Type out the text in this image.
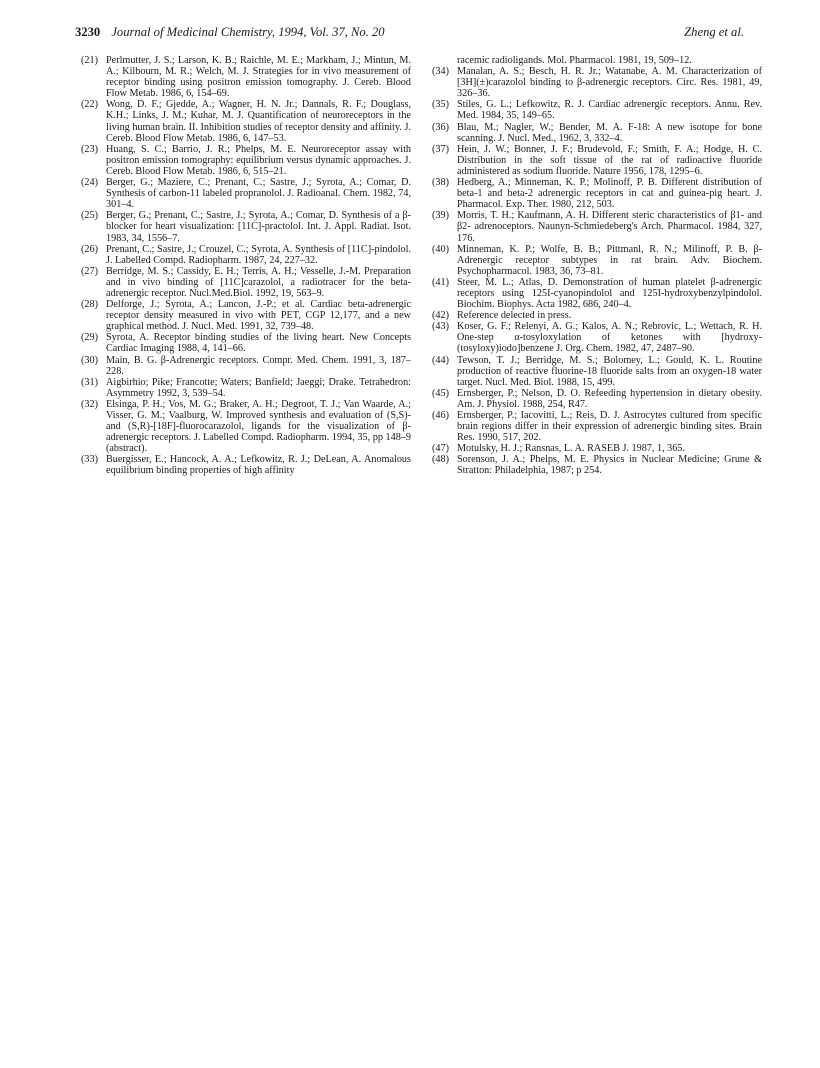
3230 Journal of Medicinal Chemistry, 1994, Vol. 37, No. 20	Zheng et al.

(21) Perlmutter, J. S.; Larson, K. B.; Raichle, M. E.; Markham, J.; Mintun, M. A.; Kilbourn, M. R.; Welch, M. J. Strategies for in vivo measurement of receptor binding using positron emission tomography. J. Cereb. Blood Flow Metab. 1986, 6, 154–69.

(22) Wong, D. F.; Gjedde, A.; Wagner, H. N. Jr.; Dannals, R. F.; Douglass, K.H.; Links, J. M.; Kuhar, M. J. Quantification of neuroreceptors in the living human brain. II. Inhibition studies of receptor density and affinity. J. Cereb. Blood Flow Metab. 1986, 6, 147–53.

(23) Huang, S. C.; Barrio, J. R.; Phelps, M. E. Neuroreceptor assay with positron emission tomography: equilibrium versus dynamic approaches. J. Cereb. Blood Flow Metab. 1986, 6, 515–21.

(24) Berger, G.; Maziere, C.; Prenant, C.; Sastre, J.; Syrota, A.; Comar, D. Synthesis of carbon-11 labeled propranolol. J. Radioanal. Chem. 1982, 74, 301–4.

(25) Berger, G.; Prenant, C.; Sastre, J.; Syrota, A.; Comar, D. Synthesis of a β-blocker for heart visualization: [11C]-practolol. Int. J. Appl. Radiat. Isot. 1983, 34, 1556–7.

(26) Prenant, C.; Sastre, J.; Crouzel, C.; Syrota, A. Synthesis of [11C]-pindolol. J. Labelled Compd. Radiopharm. 1987, 24, 227–32.

(27) Berridge, M. S.; Cassidy, E. H.; Terris, A. H.; Vesselle, J.-M. Preparation and in vivo binding of [11C]carazolol, a radiotracer for the beta-adrenergic receptor. Nucl.Med.Biol. 1992, 19, 563–9.

(28) Delforge, J.; Syrota, A.; Lancon, J.-P.; et al. Cardiac beta-adrenergic receptor density measured in vivo with PET, CGP 12,177, and a new graphical method. J. Nucl. Med. 1991, 32, 739–48.

(29) Syrota, A. Receptor binding studies of the living heart. New Concepts Cardiac Imaging 1988, 4, 141–66.

(30) Main, B. G. β-Adrenergic receptors. Compr. Med. Chem. 1991, 3, 187–228.

(31) Aigbirhio; Pike; Francotte; Waters; Banfield; Jaeggi; Drake. Tetrahedron: Asymmetry 1992, 3, 539–54.

(32) Elsinga, P. H.; Vos, M. G.; Braker, A. H.; Degroot, T. J.; Van Waarde, A.; Visser, G. M.; Vaalburg, W. Improved synthesis and evaluation of (S,S)- and (S,R)-[18F]-fluorocarazolol, ligands for the visualization of β-adrenergic receptors. J. Labelled Compd. Radiopharm. 1994, 35, pp 148–9 (abstract).

(33) Buergisser, E.; Hancock, A. A.; Lefkowitz, R. J.; DeLean, A. Anomalous equilibrium binding properties of high affinity

racemic radioligands. Mol. Pharmacol. 1981, 19, 509–12.

(34) Manalan, A. S.; Besch, H. R. Jr.; Watanabe, A. M. Characterization of [3H](±)carazolol binding to β-adrenergic receptors. Circ. Res. 1981, 49, 326–36.

(35) Stiles, G. L.; Lefkowitz, R. J. Cardiac adrenergic receptors. Annu. Rev. Med. 1984, 35, 149–65.

(36) Blau, M.; Nagler, W.; Bender, M. A. F-18: A new isotope for bone scanning. J. Nucl. Med., 1962, 3, 332–4.

(37) Hein, J. W.; Bonner, J. F.; Brudevold, F.; Smith, F. A.; Hodge, H. C. Distribution in the soft tissue of the rat of radioactive fluoride administered as sodium fluoride. Nature 1956, 178, 1295–6.

(38) Hedberg, A.; Minneman, K. P.; Molinoff, P. B. Different distribution of beta-1 and beta-2 adrenergic receptors in cat and guinea-pig heart. J. Pharmacol. Exp. Ther. 1980, 212, 503.

(39) Morris, T. H.; Kaufmann, A. H. Different steric characteristics of β1- and β2- adrenoceptors. Naunyn-Schmiedeberg's Arch. Pharmacol. 1984, 327, 176.

(40) Minneman, K. P.; Wolfe, B. B.; Pittmanl, R. N.; Milinoff, P. B. β-Adrenergic receptor subtypes in rat brain. Adv. Biochem. Psychopharmacol. 1983, 36, 73–81.

(41) Steer, M. L.; Atlas, D. Demonstration of human platelet β-adrenergic receptors using 125I-cyanopindolol and 125I-hydroxybenzylpindolol. Biochim. Biophys. Acta 1982, 686, 240–4.

(42) Reference delected in press.

(43) Koser, G. F.; Relenyi, A. G.; Kalos, A. N.; Rebrovic, L.; Wettach, R. H. One-step α-tosyloxylation of ketones with [hydroxy-(tosyloxy)iodo]benzene J. Org. Chem. 1982, 47, 2487–90.

(44) Tewson, T. J.; Berridge, M. S.; Bolomey, L.; Gould, K. L. Routine production of reactive fluorine-18 fluoride salts from an oxygen-18 water target. Nucl. Med. Biol. 1988, 15, 499.

(45) Ernsberger, P.; Nelson, D. O. Refeeding hypertension in dietary obesity. Am. J. Physiol. 1988, 254, R47.

(46) Ernsberger, P.; Iacovitti, L.; Reis, D. J. Astrocytes cultured from specific brain regions differ in their expression of adrenergic binding sites. Brain Res. 1990, 517, 202.

(47) Motulsky, H. J.; Ransnas, L. A. RASEB J. 1987, 1, 365.

(48) Sorenson, J. A.; Phelps, M. E. Physics in Nuclear Medicine; Grune & Stratton: Philadelphia, 1987; p 254.
